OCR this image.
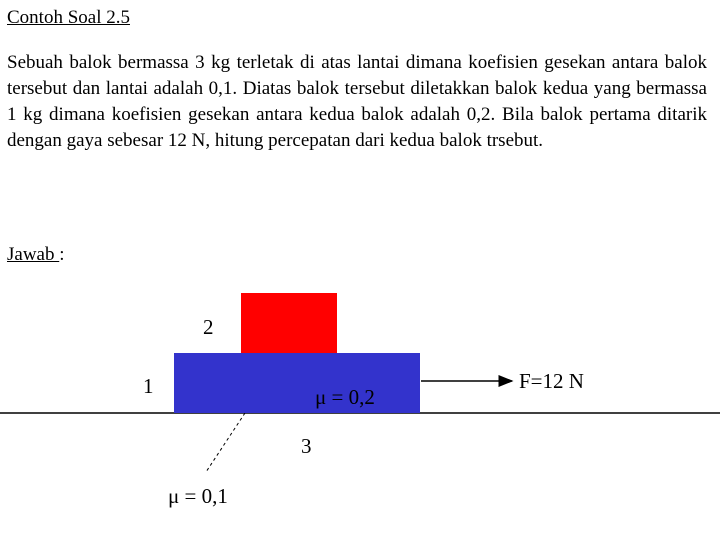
Contoh Soal 2.5

Sebuah balok bermassa 3 kg terletak di atas lantai dimana koefisien gesekan antara balok tersebut dan lantai adalah 0,1. Diatas balok tersebut diletakkan balok kedua yang bermassa 1 kg dimana koefisien gesekan antara kedua balok adalah 0,2. Bila balok pertama ditarik dengan gaya sebesar 12 N, hitung percepatan dari kedua balok trsebut.

Jawab :
2
1	μ = 0,2
F=12 N
3
μ = 0,1
